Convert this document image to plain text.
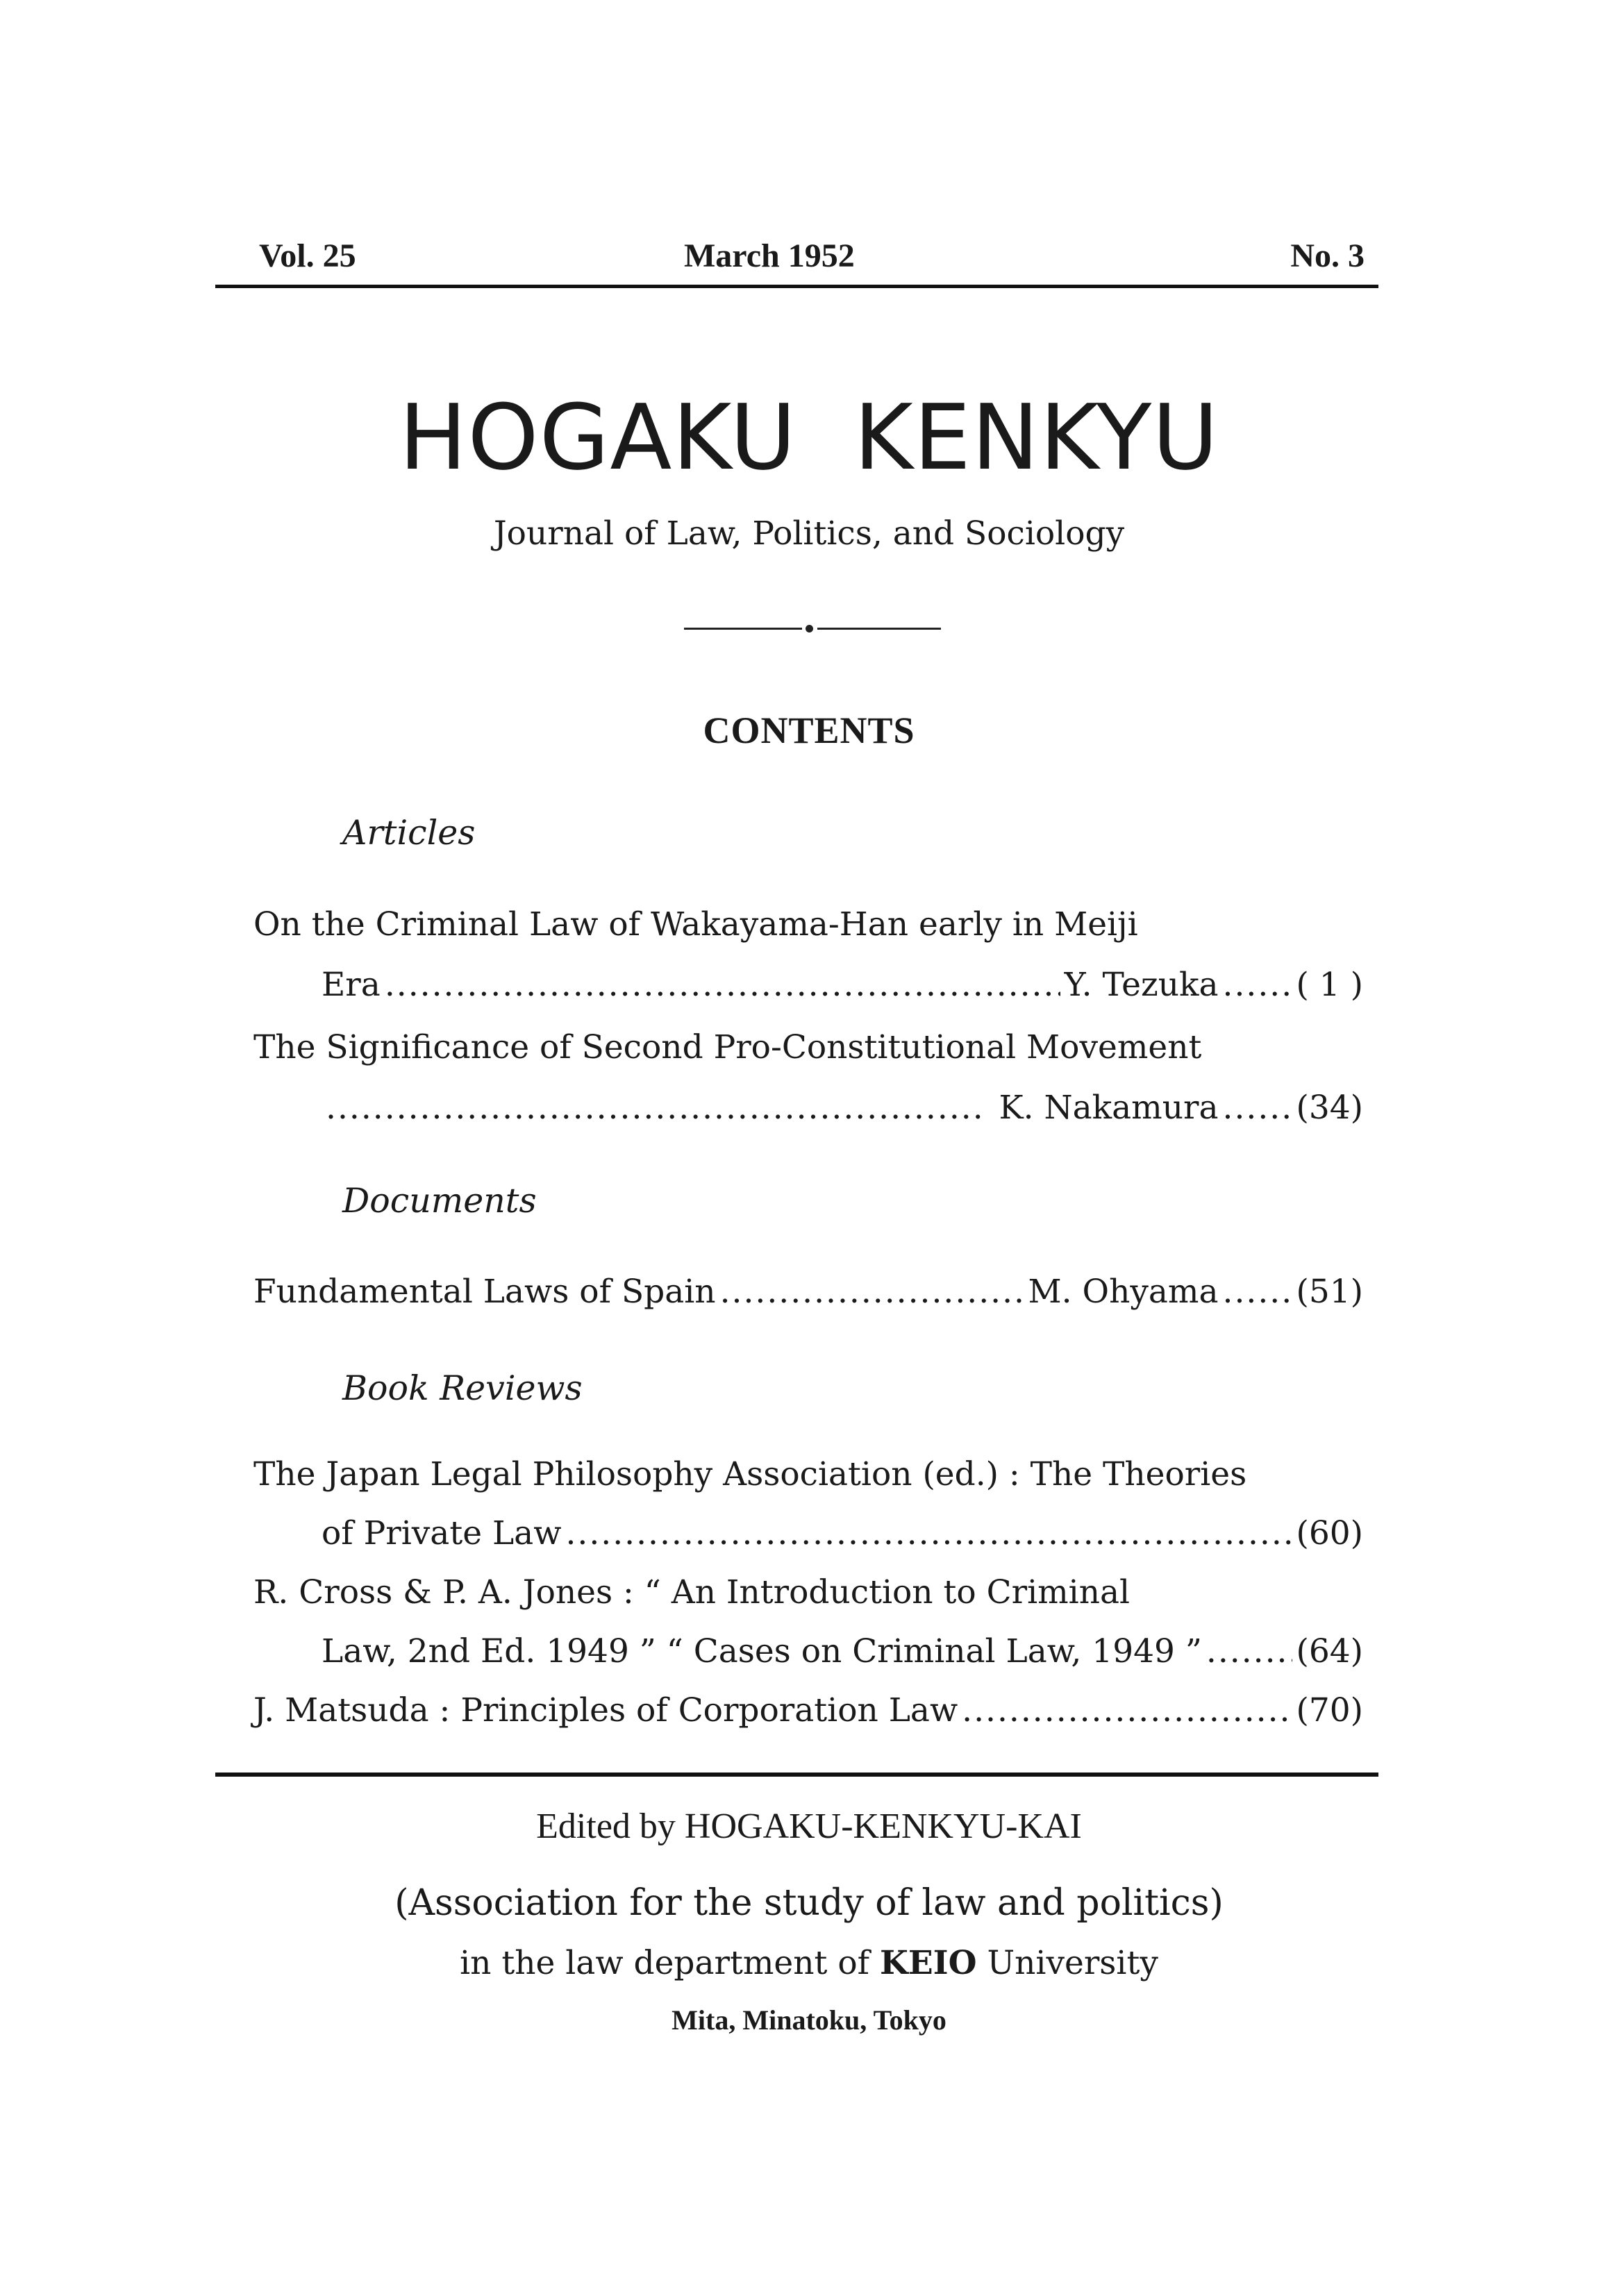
Vol. 25	March 1952	No. 3
HOGAKU KENKYU
Journal of Law, Politics, and Sociology
CONTENTS
Articles
On the Criminal Law of Wakayama-Han early in Meiji
Era .....	Y. Tezuka ..... ( 1 )
The Significance of Second Pro-Constitutional Movement
.....
K. Nakamura ..... (34)
Documents
Fundamental Laws of Spain .....	M. Ohyama ..... (51)
Book Reviews
The Japan Legal Philosophy Association (ed.) : The Theories
of Private Law .....	(60)
R. Cross & P. A. Jones : “ An Introduction to Criminal
Law, 2nd Ed. 1949 ” “ Cases on Criminal Law, 1949 ” .....	(64)
J. Matsuda : Principles of Corporation Law .....	(70)
Edited by HOGAKU-KENKYU-KAI
(Association for the study of law and politics)
in the law department of KEIO University
Mita, Minatoku, Tokyo
